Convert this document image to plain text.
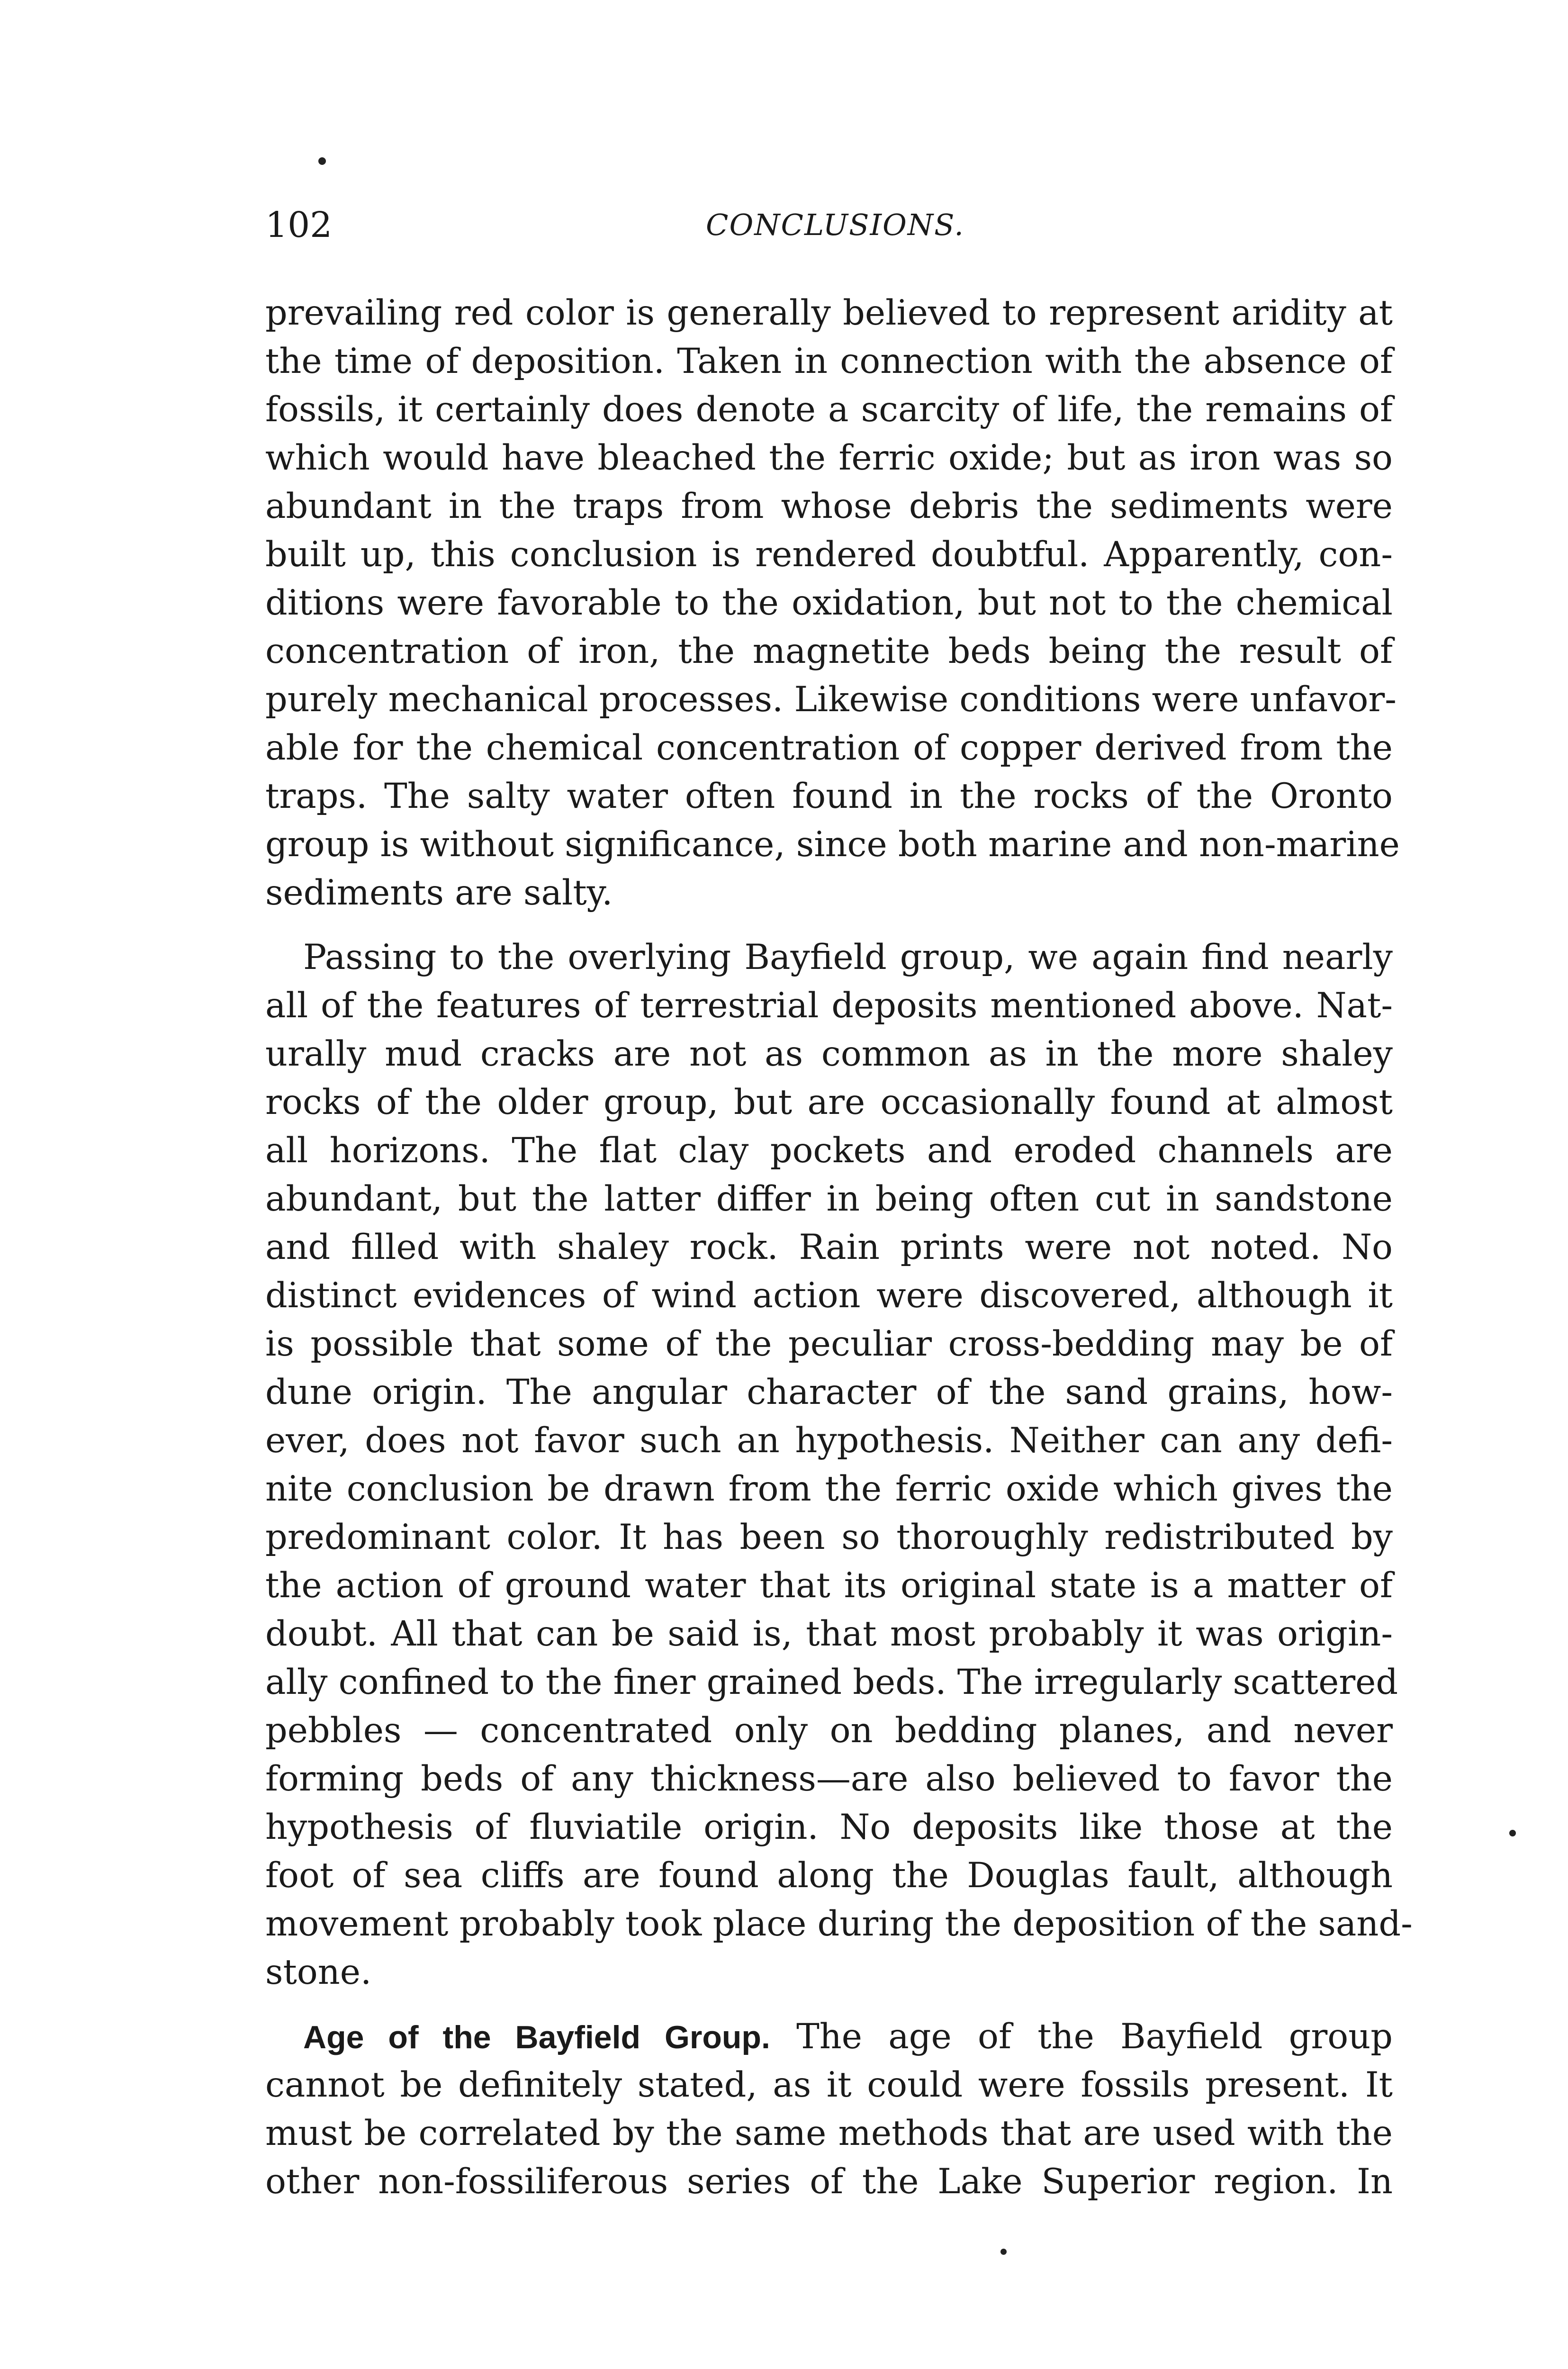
102	CONCLUSIONS.
prevailing red color is generally believed to represent aridity at
the time of deposition. Taken in connection with the absence of
fossils, it certainly does denote a scarcity of life, the remains of
which would have bleached the ferric oxide; but as iron was so
abundant in the traps from whose debris the sediments were
built up, this conclusion is rendered doubtful. Apparently, con-
ditions were favorable to the oxidation, but not to the chemical
concentration of iron, the magnetite beds being the result of
purely mechanical processes. Likewise conditions were unfavor-
able for the chemical concentration of copper derived from the
traps. The salty water often found in the rocks of the Oronto
group is without significance, since both marine and non-marine
sediments are salty.
Passing to the overlying Bayfield group, we again find nearly
all of the features of terrestrial deposits mentioned above. Nat-
urally mud cracks are not as common as in the more shaley
rocks of the older group, but are occasionally found at almost
all horizons. The flat clay pockets and eroded channels are
abundant, but the latter differ in being often cut in sandstone
and filled with shaley rock. Rain prints were not noted. No
distinct evidences of wind action were discovered, although it
is possible that some of the peculiar cross-bedding may be of
dune origin. The angular character of the sand grains, how-
ever, does not favor such an hypothesis. Neither can any defi-
nite conclusion be drawn from the ferric oxide which gives the
predominant color. It has been so thoroughly redistributed by
the action of ground water that its original state is a matter of
doubt. All that can be said is, that most probably it was origin-
ally confined to the finer grained beds. The irregularly scattered
pebbles — concentrated only on bedding planes, and never
forming beds of any thickness—are also believed to favor the
hypothesis of fluviatile origin. No deposits like those at the
foot of sea cliffs are found along the Douglas fault, although
movement probably took place during the deposition of the sand-
stone.
Age of the Bayfield Group. The age of the Bayfield group
cannot be definitely stated, as it could were fossils present. It
must be correlated by the same methods that are used with the
other non-fossiliferous series of the Lake Superior region. In
